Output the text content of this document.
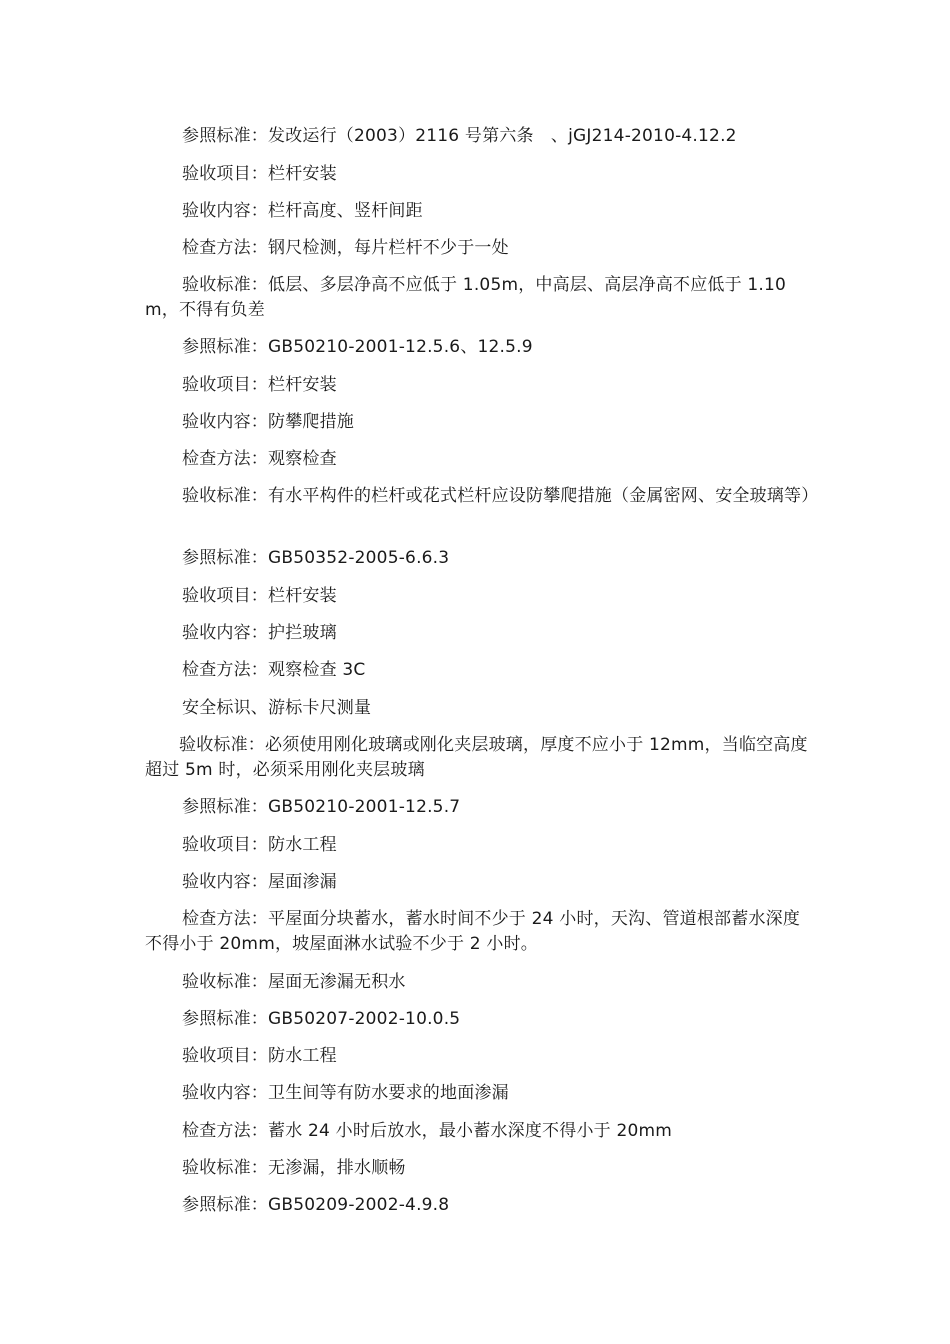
参照标准：发改运行（2003）2116 号第六条　、jGJ214-2010-4.12.2

验收项目：栏杆安装

验收内容：栏杆高度、竖杆间距

检查方法：钢尺检测，每片栏杆不少于一处

验收标准：低层、多层净高不应低于 1.05m，中高层、高层净高不应低于 1.10m，不得有负差

参照标准：GB50210-2001-12.5.6、12.5.9

验收项目：栏杆安装

验收内容：防攀爬措施

检查方法：观察检查

验收标准：有水平构件的栏杆或花式栏杆应设防攀爬措施（金属密网、安全玻璃等）

参照标准：GB50352-2005-6.6.3

验收项目：栏杆安装

验收内容：护拦玻璃

检查方法：观察检查 3C

安全标识、游标卡尺测量

验收标准：必须使用刚化玻璃或刚化夹层玻璃，厚度不应小于 12mm，当临空高度超过 5m 时，必须采用刚化夹层玻璃

参照标准：GB50210-2001-12.5.7

验收项目：防水工程

验收内容：屋面渗漏

检查方法：平屋面分块蓄水，蓄水时间不少于 24 小时，天沟、管道根部蓄水深度不得小于 20mm，坡屋面淋水试验不少于 2 小时。

验收标准：屋面无渗漏无积水

参照标准：GB50207-2002-10.0.5

验收项目：防水工程

验收内容：卫生间等有防水要求的地面渗漏

检查方法：蓄水 24 小时后放水，最小蓄水深度不得小于 20mm

验收标准：无渗漏，排水顺畅

参照标准：GB50209-2002-4.9.8
